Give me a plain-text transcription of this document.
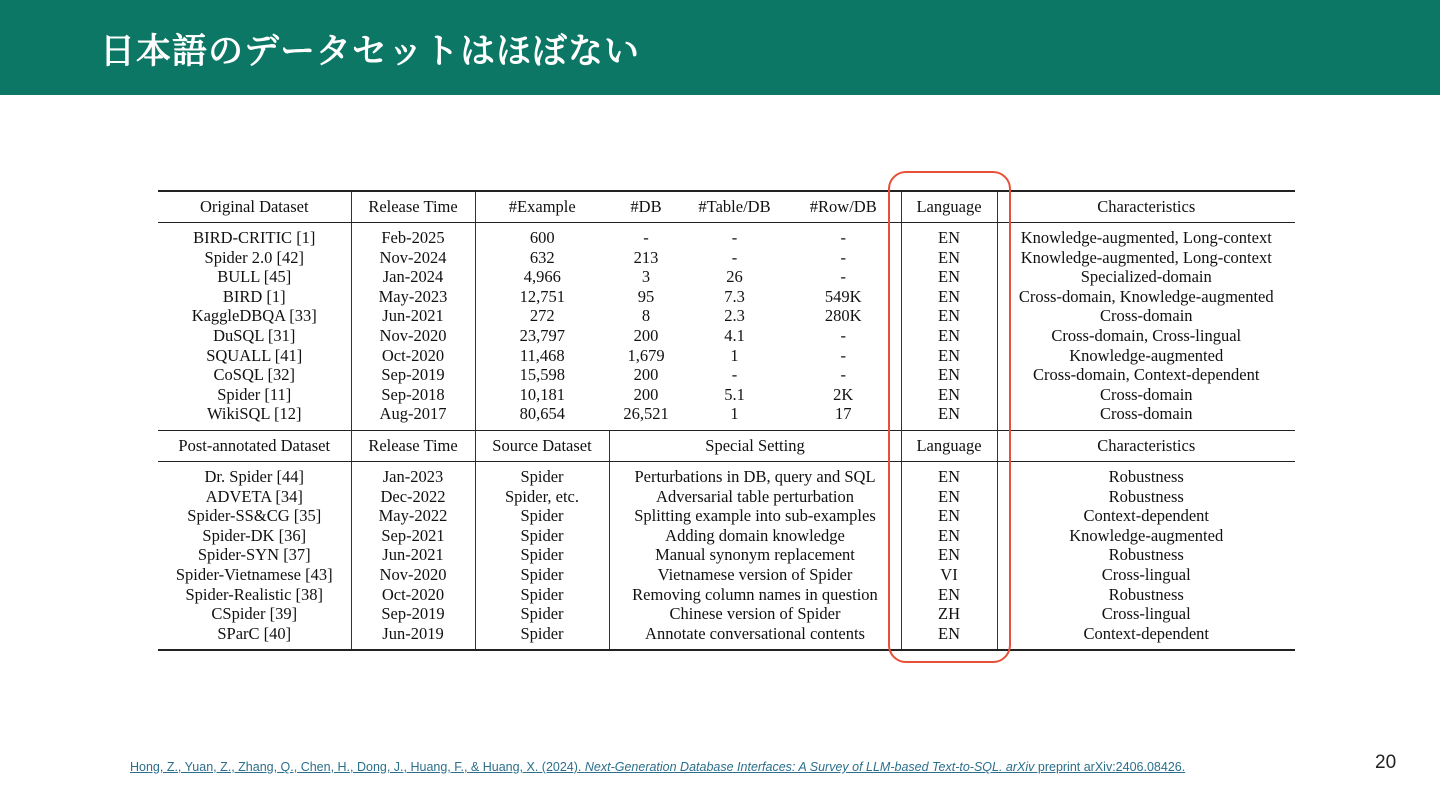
日本語のデータセットはほぼない
Original Dataset	Release Time	#Example	#DB	#Table/DB	#Row/DB	Language	Characteristics
BIRD-CRITIC [1]	Feb-2025	600	-	-	-	EN	Knowledge-augmented, Long-context
Spider 2.0 [42]	Nov-2024	632	213	-	-	EN	Knowledge-augmented, Long-context
BULL [45]	Jan-2024	4,966	3	26	-	EN	Specialized-domain
BIRD [1]	May-2023	12,751	95	7.3	549K	EN	Cross-domain, Knowledge-augmented
KaggleDBQA [33]	Jun-2021	272	8	2.3	280K	EN	Cross-domain
DuSQL [31]	Nov-2020	23,797	200	4.1	-	EN	Cross-domain, Cross-lingual
SQUALL [41]	Oct-2020	11,468	1,679	1	-	EN	Knowledge-augmented
CoSQL [32]	Sep-2019	15,598	200	-	-	EN	Cross-domain, Context-dependent
Spider [11]	Sep-2018	10,181	200	5.1	2K	EN	Cross-domain
WikiSQL [12]	Aug-2017	80,654	26,521	1	17	EN	Cross-domain
Post-annotated Dataset	Release Time	Source Dataset	Special Setting			Language	Characteristics
Dr. Spider [44]	Jan-2023	Spider	Perturbations in DB, query and SQL			EN	Robustness
ADVETA [34]	Dec-2022	Spider, etc.	Adversarial table perturbation			EN	Robustness
Spider-SS&CG [35]	May-2022	Spider	Splitting example into sub-examples			EN	Context-dependent
Spider-DK [36]	Sep-2021	Spider	Adding domain knowledge			EN	Knowledge-augmented
Spider-SYN [37]	Jun-2021	Spider	Manual synonym replacement			EN	Robustness
Spider-Vietnamese [43]	Nov-2020	Spider	Vietnamese version of Spider			VI	Cross-lingual
Spider-Realistic [38]	Oct-2020	Spider	Removing column names in question			EN	Robustness
CSpider [39]	Sep-2019	Spider	Chinese version of Spider			ZH	Cross-lingual
SParC [40]	Jun-2019	Spider	Annotate conversational contents			EN	Context-dependent
Hong, Z., Yuan, Z., Zhang, Q., Chen, H., Dong, J., Huang, F., & Huang, X. (2024). Next-Generation Database Interfaces: A Survey of LLM-based Text-to-SQL. arXiv preprint arXiv:2406.08426.	20
